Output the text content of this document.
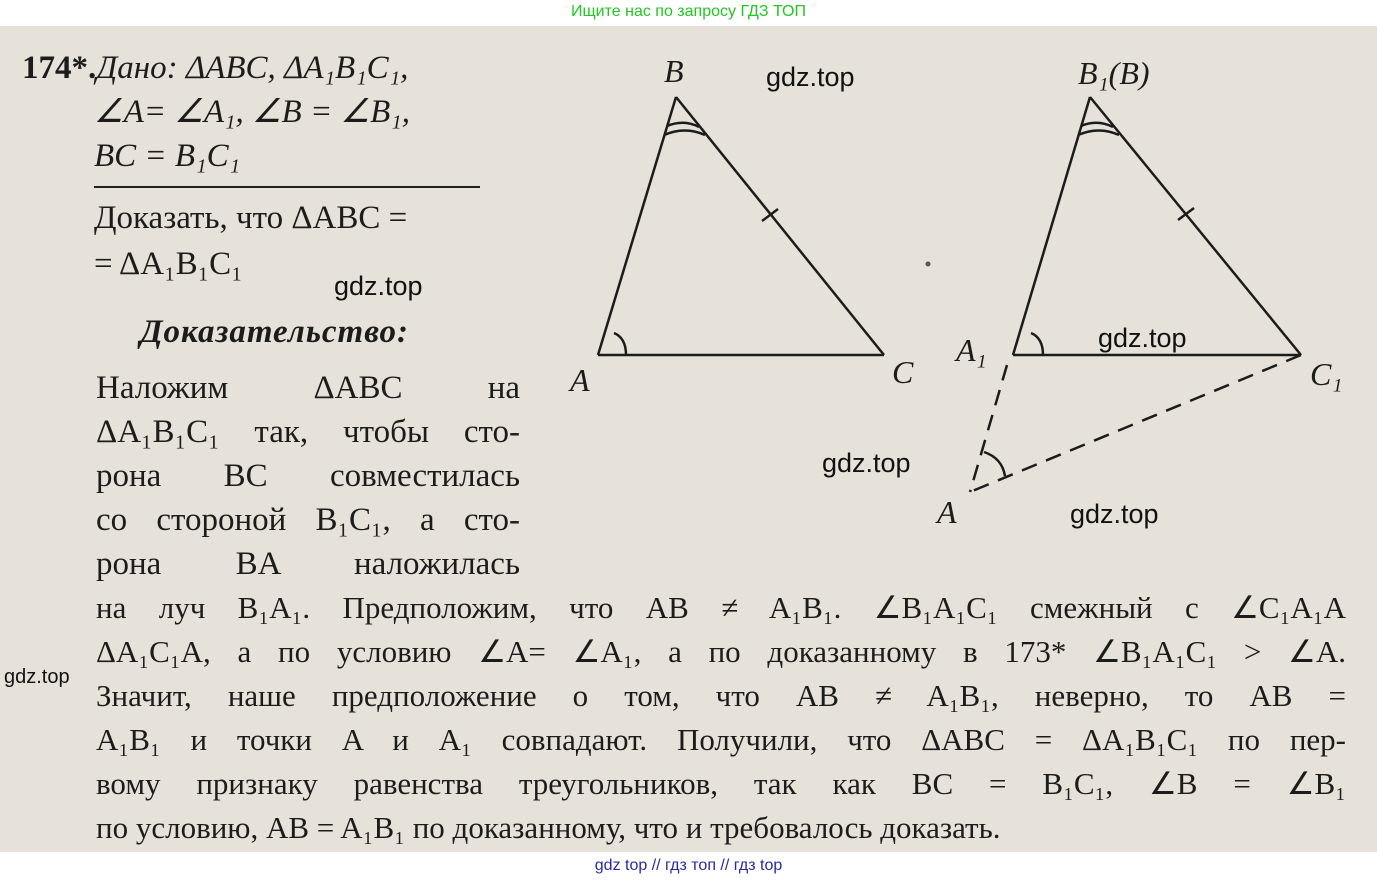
Ищите нас по запросу ГДЗ ТОП
174*.Дано: ΔABC, ΔA₁B₁C₁,
∠A= ∠A₁, ∠B = ∠B₁,
BC = B₁C₁
Доказать, что ΔABC =
= ΔA₁B₁C₁
Доказательство:
Наложим ΔABC на
ΔA₁B₁C₁ так, чтобы сто-
рона BC совместилась
со стороной B₁C₁, а сто-
рона BA наложилась
на луч B₁A₁. Предположим, что AB ≠ A₁B₁. ∠B₁A₁C₁ смежный с ∠C₁A₁A
ΔA₁C₁A, а по условию ∠A= ∠A₁, а по доказанному в 173* ∠B₁A₁C₁ > ∠A.
Значит, наше предположение о том, что AB ≠ A₁B₁, неверно, то AB =
A₁B₁ и точки A и A₁ совпадают. Получили, что ΔABC = ΔA₁B₁C₁ по пер-
вому признаку равенства треугольников, так как BC = B₁C₁, ∠B = ∠B₁
по условию, AB = A₁B₁ по доказанному, что и требовалось доказать.
B
A	C
B₁(B)
A₁
C₁
A
gdz.top
gdz.top
gdz.top
gdz.top
gdz.top
gdz.top
gdz top // гдз топ // гдз top
